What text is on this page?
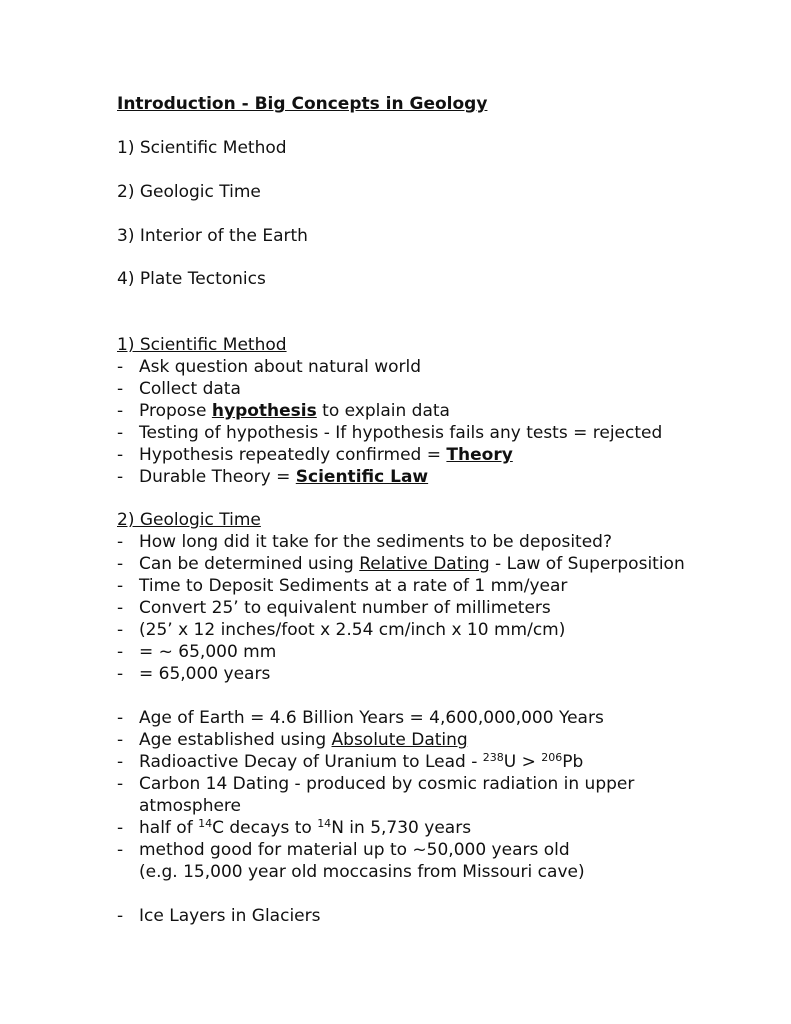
Introduction - Big Concepts in Geology
1) Scientific Method
2) Geologic Time
3) Interior of the Earth
4) Plate Tectonics
1) Scientific Method
- Ask question about natural world
- Collect data
- Propose hypothesis to explain data
- Testing of hypothesis - If hypothesis fails any tests = rejected
- Hypothesis repeatedly confirmed = Theory
- Durable Theory = Scientific Law
2) Geologic Time
- How long did it take for the sediments to be deposited?
- Can be determined using Relative Dating - Law of Superposition
- Time to Deposit Sediments at a rate of 1 mm/year
- Convert 25’ to equivalent number of millimeters
- (25’ x 12 inches/foot x 2.54 cm/inch x 10 mm/cm)
- = ~ 65,000 mm
- = 65,000 years
- Age of Earth = 4.6 Billion Years = 4,600,000,000 Years
- Age established using Absolute Dating
- Radioactive Decay of Uranium to Lead - $^{238}$U > $^{206}$Pb
- Carbon 14 Dating - produced by cosmic radiation in upper atmosphere
- half of $^{14}$C decays to $^{14}$N in 5,730 years
- method good for material up to ~50,000 years old
(e.g. 15,000 year old moccasins from Missouri cave)
- Ice Layers in Glaciers
